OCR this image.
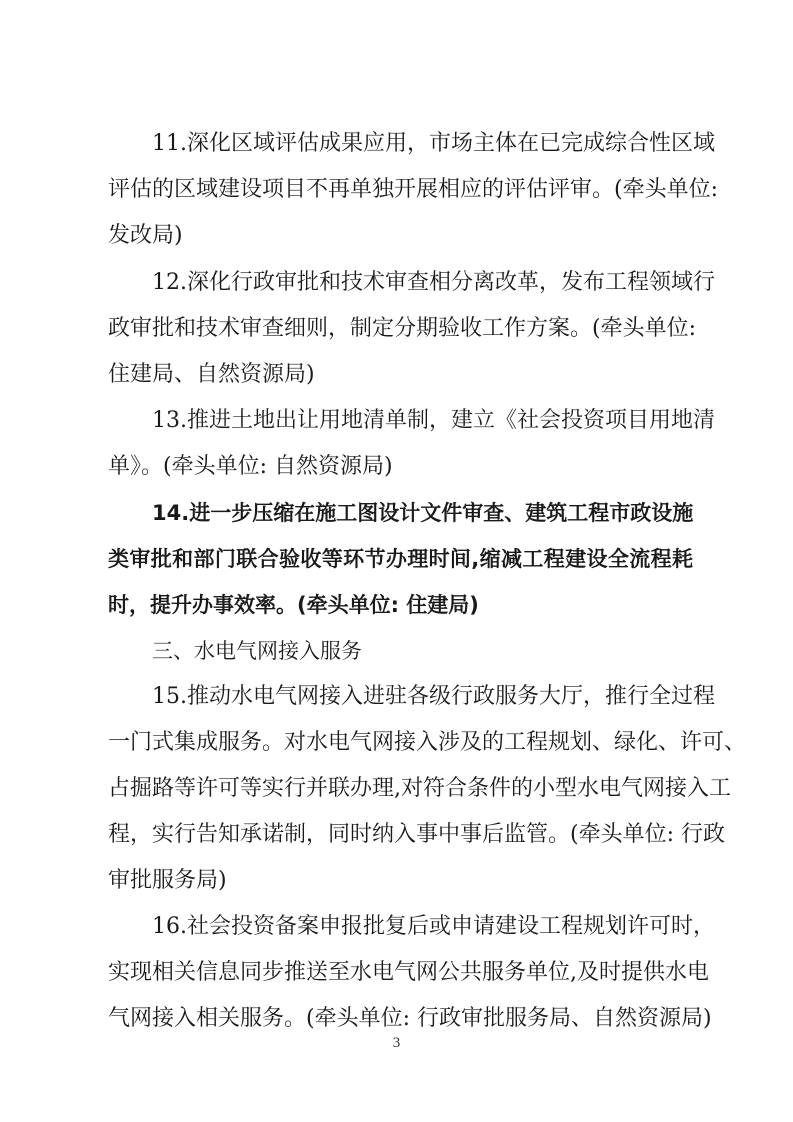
11.深化区域评估成果应用，市场主体在已完成综合性区域
评估的区域建设项目不再单独开展相应的评估评审。(牵头单位:
发改局)
12.深化行政审批和技术审查相分离改革，发布工程领域行
政审批和技术审查细则，制定分期验收工作方案。(牵头单位:
住建局、自然资源局)
13.推进土地出让用地清单制，建立《社会投资项目用地清
单》。(牵头单位: 自然资源局)
14.进一步压缩在施工图设计文件审查、建筑工程市政设施
类审批和部门联合验收等环节办理时间,缩减工程建设全流程耗
时，提升办事效率。(牵头单位: 住建局)
三、水电气网接入服务
15.推动水电气网接入进驻各级行政服务大厅，推行全过程
一门式集成服务。对水电气网接入涉及的工程规划、绿化、许可、
占掘路等许可等实行并联办理,对符合条件的小型水电气网接入工
程，实行告知承诺制，同时纳入事中事后监管。(牵头单位: 行政
审批服务局)
16.社会投资备案申报批复后或申请建设工程规划许可时，
实现相关信息同步推送至水电气网公共服务单位,及时提供水电
气网接入相关服务。(牵头单位: 行政审批服务局、自然资源局)
3
